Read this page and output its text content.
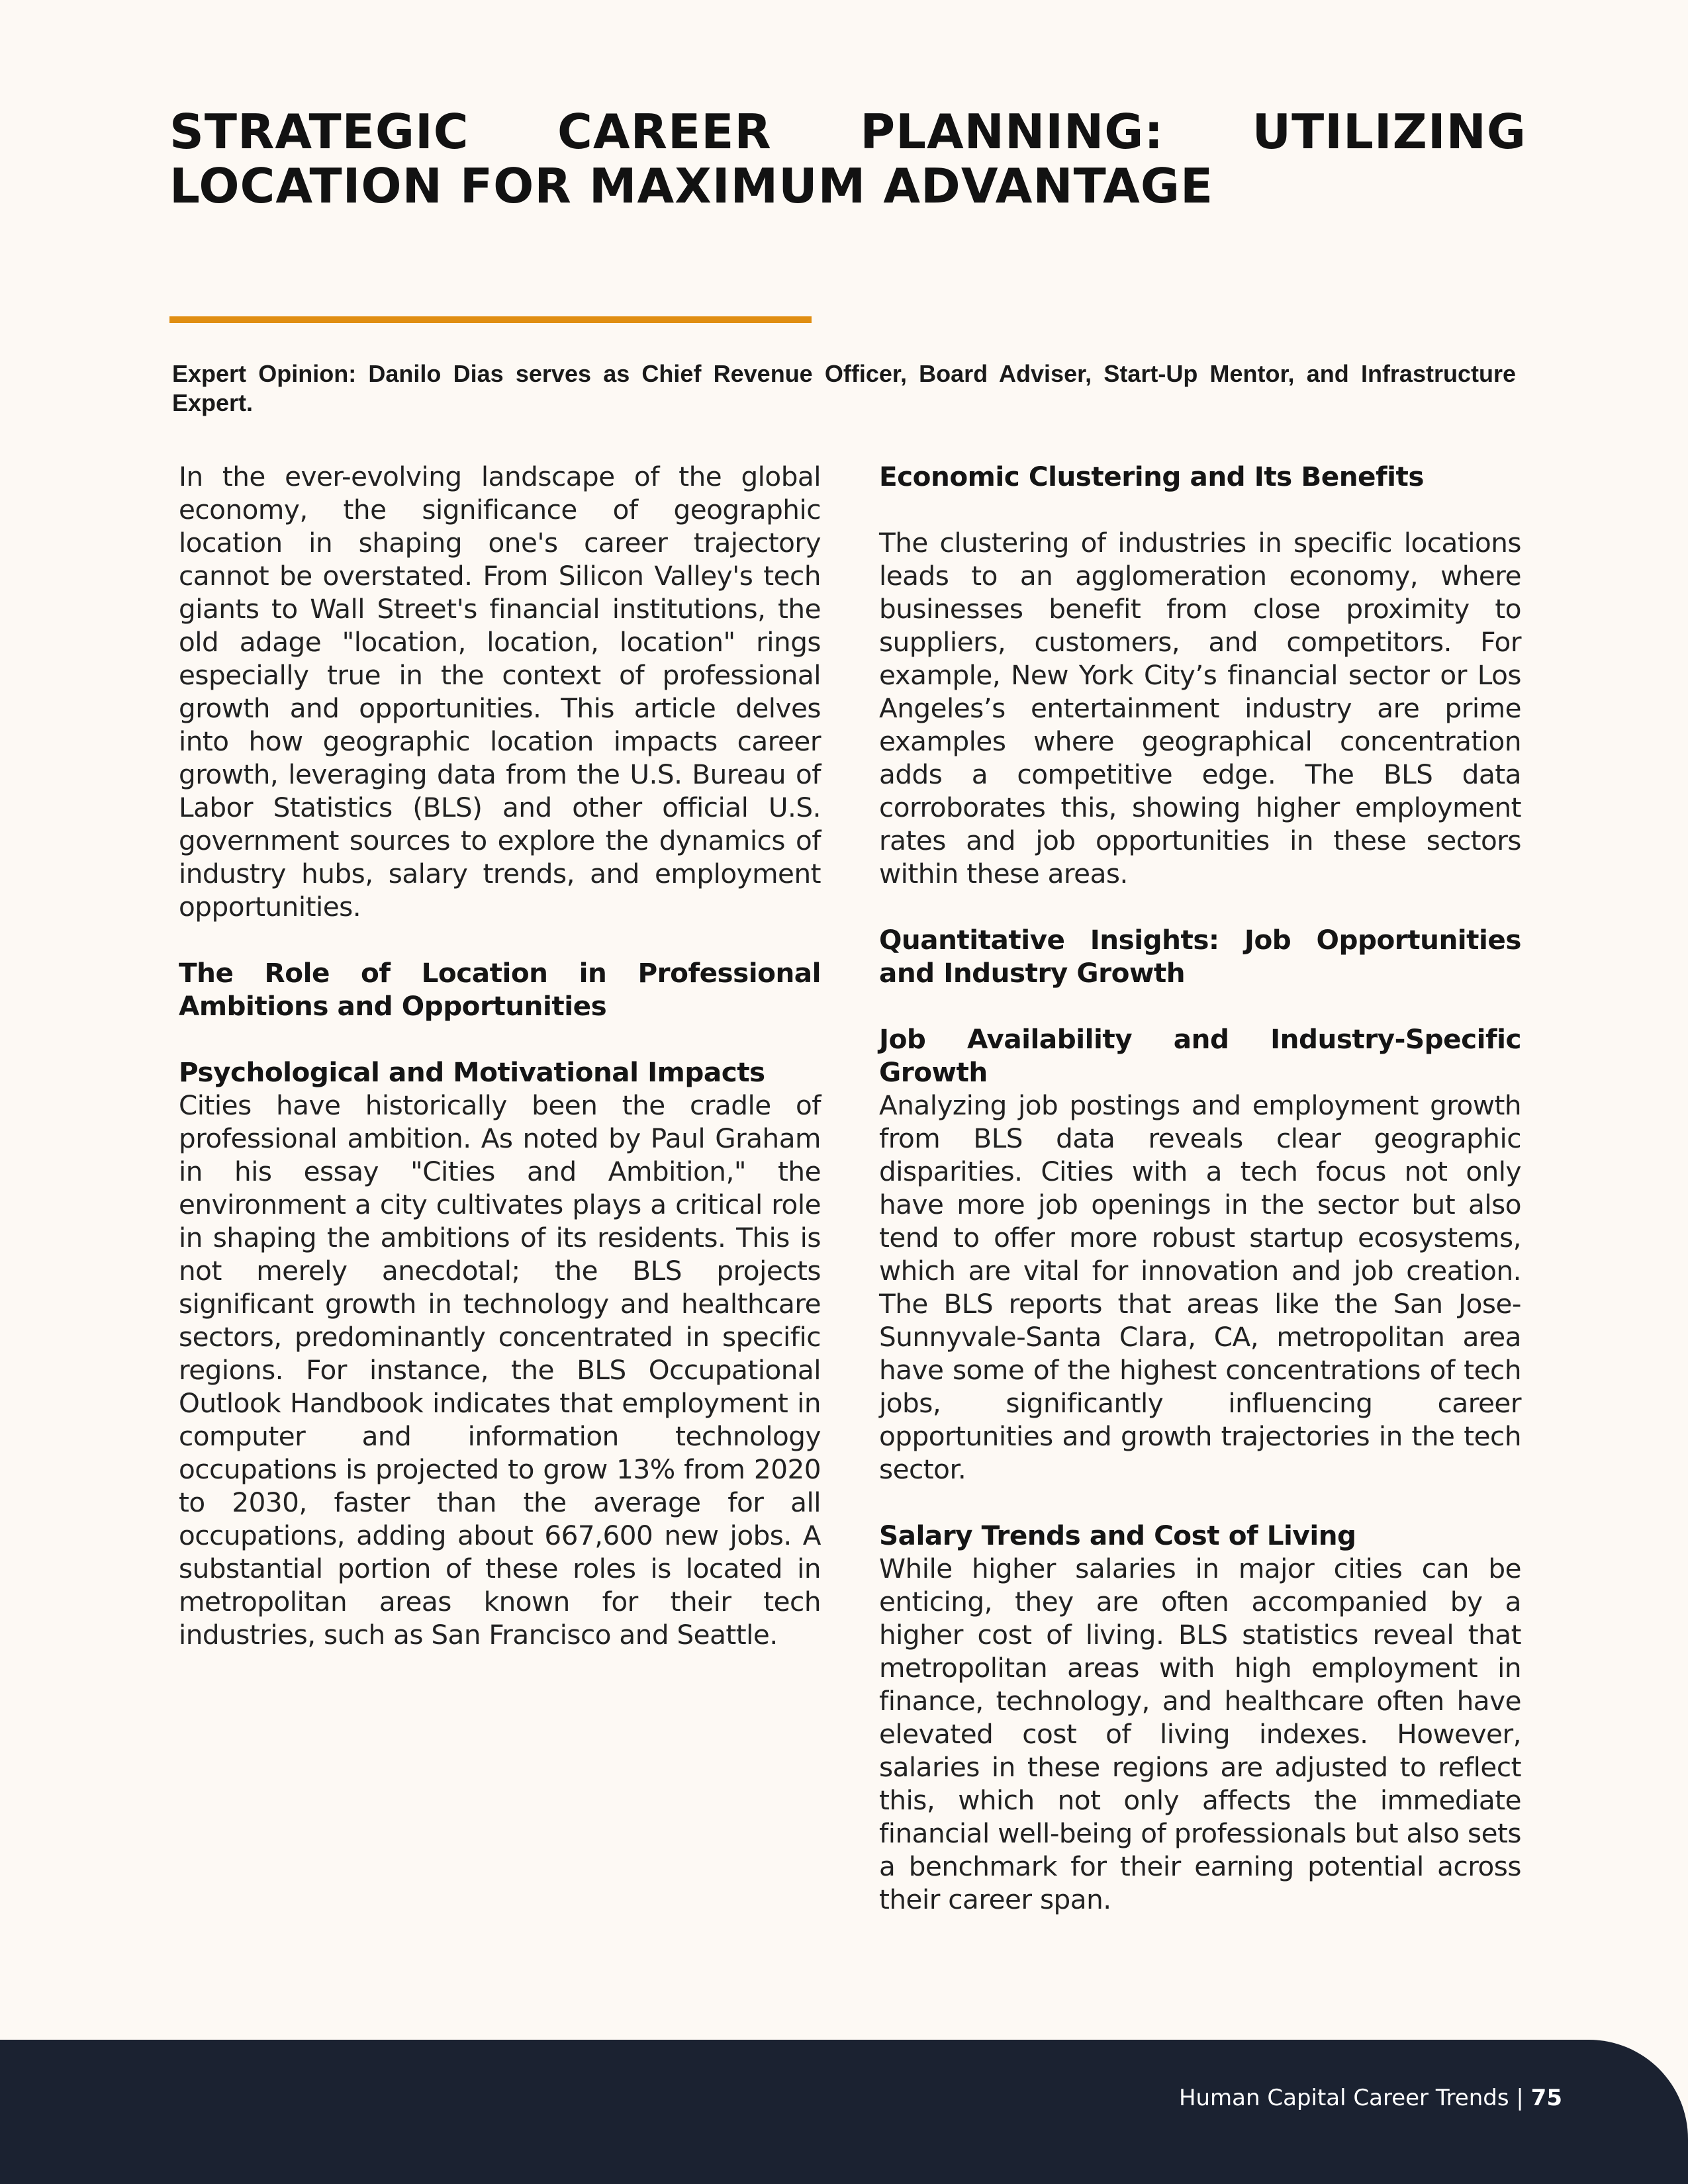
STRATEGIC CAREER PLANNING: UTILIZING
LOCATION FOR MAXIMUM ADVANTAGE
Expert Opinion: Danilo Dias serves as Chief Revenue Officer, Board Adviser, Start-Up Mentor, and Infrastructure Expert.

In the ever-evolving landscape of the global economy, the significance of geographic location in shaping one's career trajectory cannot be overstated. From Silicon Valley's tech giants to Wall Street's financial institutions, the old adage "location, location, location" rings especially true in the context of professional growth and opportunities. This article delves into how geographic location impacts career growth, leveraging data from the U.S. Bureau of Labor Statistics (BLS) and other official U.S. government sources to explore the dynamics of industry hubs, salary trends, and employment opportunities.

The Role of Location in Professional Ambitions and Opportunities
Psychological and Motivational Impacts

Cities have historically been the cradle of professional ambition. As noted by Paul Graham in his essay "Cities and Ambition," the environment a city cultivates plays a critical role in shaping the ambitions of its residents. This is not merely anecdotal; the BLS projects significant growth in technology and healthcare sectors, predominantly concentrated in specific regions. For instance, the BLS Occupational Outlook Handbook indicates that employment in computer and information technology occupations is projected to grow 13% from 2020 to 2030, faster than the average for all occupations, adding about 667,600 new jobs. A substantial portion of these roles is located in metropolitan areas known for their tech industries, such as San Francisco and Seattle.

Economic Clustering and Its Benefits

The clustering of industries in specific locations leads to an agglomeration economy, where businesses benefit from close proximity to suppliers, customers, and competitors. For example, New York City’s financial sector or Los Angeles’s entertainment industry are prime examples where geographical concentration adds a competitive edge. The BLS data corroborates this, showing higher employment rates and job opportunities in these sectors within these areas.

Quantitative Insights: Job Opportunities and Industry Growth
Job Availability and Industry-Specific Growth

Analyzing job postings and employment growth from BLS data reveals clear geographic disparities. Cities with a tech focus not only have more job openings in the sector but also tend to offer more robust startup ecosystems, which are vital for innovation and job creation. The BLS reports that areas like the San Jose-Sunnyvale-Santa Clara, CA, metropolitan area have some of the highest concentrations of tech jobs, significantly influencing career opportunities and growth trajectories in the tech sector.

Salary Trends and Cost of Living

While higher salaries in major cities can be enticing, they are often accompanied by a higher cost of living. BLS statistics reveal that metropolitan areas with high employment in finance, technology, and healthcare often have elevated cost of living indexes. However, salaries in these regions are adjusted to reflect this, which not only affects the immediate financial well-being of professionals but also sets a benchmark for their earning potential across their career span.

Human Capital Career Trends | 75
